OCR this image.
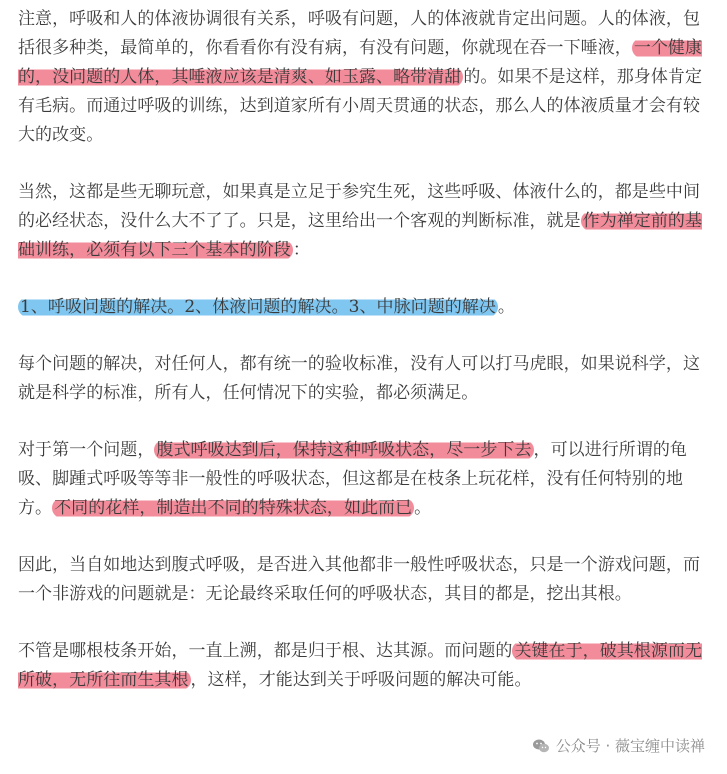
注意，呼吸和人的体液协调很有关系，呼吸有问题，人的体液就肯定出问题。人的体液，包括很多种类，最简单的，你看看你有没有病，有没有问题，你就现在吞一下唾液， 一个健康的，没问题的人体，其唾液应该是清爽、如玉露、略带清甜 的。如果不是这样，那身体肯定有毛病。而通过呼吸的训练，达到道家所有小周天贯通的状态，那么人的体液质量才会有较大的改变。

当然，这都是些无聊玩意，如果真是立足于参究生死，这些呼吸、体液什么的，都是些中间的必经状态，没什么大不了了。只是，这里给出一个客观的判断标准，就是 作为禅定前的基础训练，必须有以下三个基本的阶段 ：

1、呼吸问题的解决。2、体液问题的解决。3、中脉问题的解决 。

每个问题的解决，对任何人，都有统一的验收标准，没有人可以打马虎眼，如果说科学，这就是科学的标准，所有人，任何情况下的实验，都必须满足。

对于第一个问题， 腹式呼吸达到后，保持这种呼吸状态，尽一步下去 ，可以进行所谓的龟吸、脚踵式呼吸等等非一般性的呼吸状态，但这都是在枝条上玩花样，没有任何特别的地方。 不同的花样，制造出不同的特殊状态，如此而已 。

因此，当自如地达到腹式呼吸，是否进入其他都非一般性呼吸状态，只是一个游戏问题，而一个非游戏的问题就是：无论最终采取任何的呼吸状态，其目的都是，挖出其根。

不管是哪根枝条开始，一直上溯，都是归于根、达其源。而问题的 关键在于，破其根源而无所破，无所往而生其根 ，这样，才能达到关于呼吸问题的解决可能。

公众号 · 薇宝缠中读禅
